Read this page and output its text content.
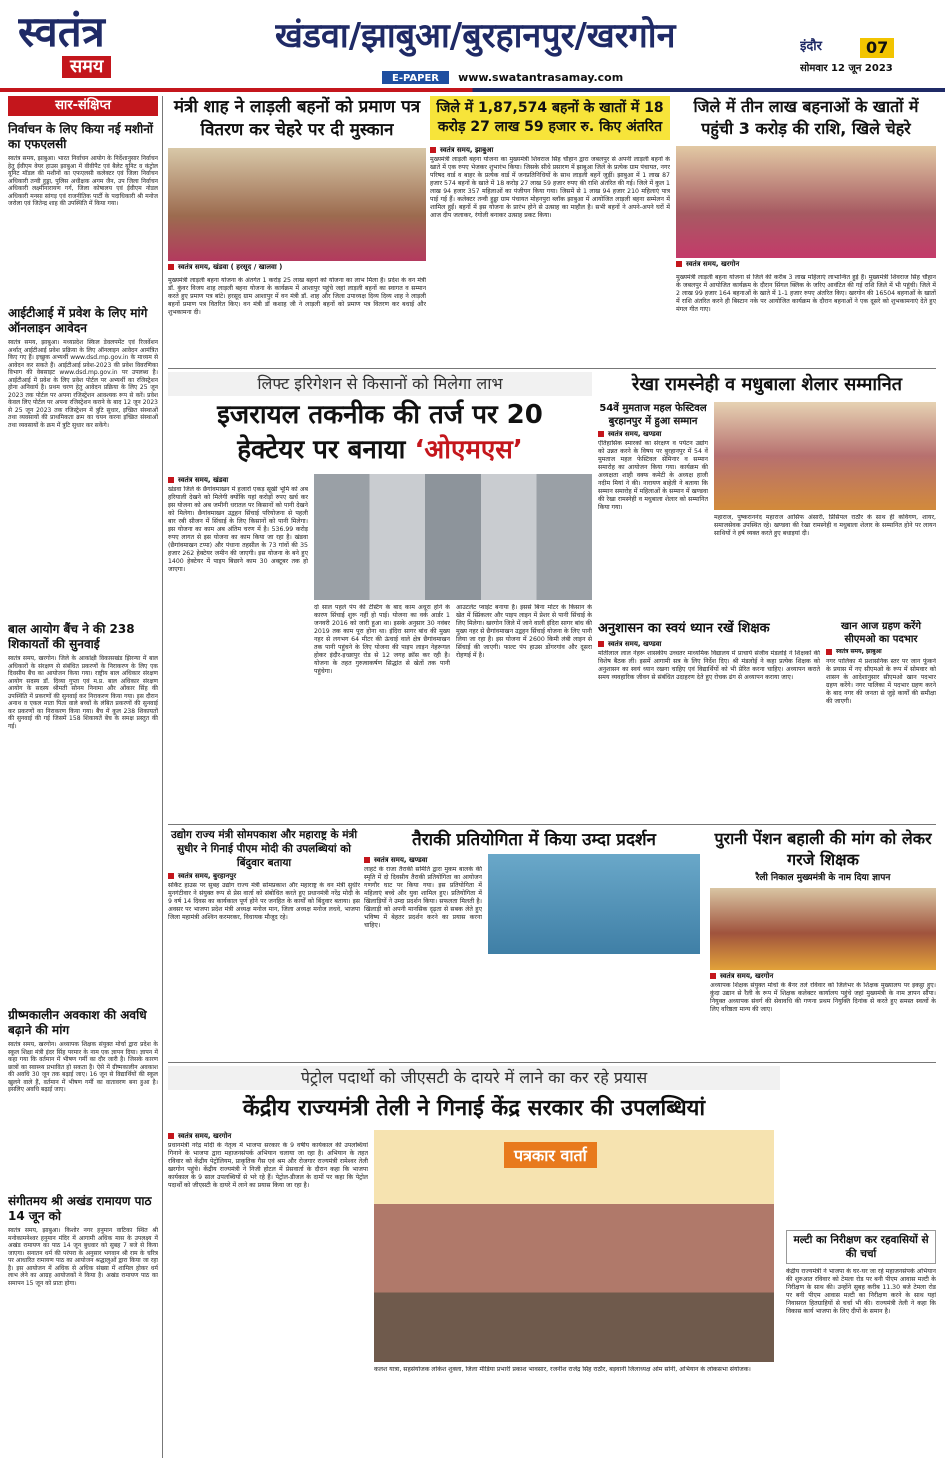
स्वतंत्र
समय
खंडवा/झाबुआ/बुरहानपुर/खरगोन
E-PAPER www.swatantrasamay.com
इंदौर	07
सोमवार 12 जून 2023
सार-संक्षिप्त
निर्वाचन के लिए किया नई मशीनों का एफएलसी
स्वतंत्र समय, झाबुआ। भारत निर्वाचन आयोग के निर्देशानुसार निर्वाचन हेतु ईवीएम वेयर हाउस झाबुआ में वीवीपैट एवं बैलेट यूनिट व कंट्रोल यूनिट मॉडल की मशीनों का एफएलसी कलेक्टर एवं जिला निर्वाचन अधिकारी तन्वी हुड्डा, पुलिस अधीक्षक अगम जैन, उप जिला निर्वाचन अधिकारी लक्ष्मीनारायण गर्ग, जिला कोषालय एवं ईवीएम नोडल अधिकारी मनसा सांगड़ एवं राजनीतिक पार्टी के पदाधिकारी श्री मनोज जरोला एवं जितेन्द्र शाह की उपस्थिति में किया गया।
आईटीआई में प्रवेश के लिए मांगे ऑनलाइन आवेदन
स्वतंत्र समय, झाबुआ। मध्यप्रदेश स्किल डेवलपमेंट एवं रिजर्वेशन अर्थात् आईटीआई प्रवेश प्रक्रिया के लिए ऑनलाइन आवेदन आमंत्रित किए गए हैं। इच्छुक अभ्यर्थी www.dsd.mp.gov.in के माध्यम से आवेदन कर सकते हैं। आईटीआई प्रवेश-2023 की प्रवेश विवरणिका विभाग की वेबसाइट www.dsd.mp.gov.in पर उपलब्ध है। आईटीआई में प्रवेश के लिए प्रवेश पोर्टल पर अभ्यर्थी का रजिस्ट्रेशन होना अनिवार्य है। प्रथम चरण हेतु आवेदन प्रक्रिया के लिए 25 जून 2023 तक पोर्टल पर अपना रजिस्ट्रेशन आवश्यक रूप से करें। प्रवेश केवल लिए पोर्टल पर अपना रजिस्ट्रेशन कराने के बाद 12 जून 2023 से 25 जून 2023 तक रजिस्ट्रेशन में त्रुटि सुधार, इच्छित संस्थाओं तथा व्यवसायों की प्राथमिकता क्रम का चयन करना इच्छित संस्थाओं तथा व्यवसायों के क्रम में त्रुटि सुधार कर सकेंगे।
बाल आयोग बैंच ने की 238 शिकायतों की सुनवाई
स्वतंत्र समय, खरगोन। जिले के आकांक्षी विकासखंड झिरन्या में बाल अधिकारों के संरक्षण से संबंधित प्रकरणों के निराकरण के लिए एक दिवसीय बैंच का आयोजन किया गया। राष्ट्रीय बाल अधिकार संरक्षण आयोग सदस्य डॉ. दिव्या गुप्ता एवं म.प्र. बाल अधिकार संरक्षण आयोग के सदस्य श्रीमती सोनम निनामा और ओंकार सिंह की उपस्थिति में प्रकरणों की सुनवाई कर निराकरण किया गया। इस दौरान अनाथ व एकल माता पिता वाले बच्चों के लंबित प्रकरणों की सुनवाई कर प्रकरणों का निराकरण किया गया। बैंच में कुल 238 शिकायतों की सुनवाई की गई जिसमें 158 शिकायतें बेंच के समक्ष प्रस्तुत की गई।
ग्रीष्मकालीन अवकाश की अवधि बढ़ाने की मांग
स्वतंत्र समय, खरगोन। अध्यापक शिक्षक संयुक्त मोर्चा द्वारा प्रदेश के स्कूल शिक्षा मंत्री इंदर सिंह परमार के नाम एक ज्ञापन दिया। ज्ञापन में कहा गया कि वर्तमान में भीषण गर्मी का दौर जारी है। जिसके कारण छात्रों का स्वास्थ्य प्रभावित हो सकता है। ऐसे में ग्रीष्मकालीन अवकाश की अवधि 30 जून तक बढ़ाई जाए। 16 जून से विद्यार्थियों की स्कूल खुलने वाले हैं, वर्तमान में भीषण गर्मी का वातावरण बना हुआ है। इसलिए अवधि बढ़ाई जाए।
संगीतमय श्री अखंड रामायण पाठ 14 जून को
स्वतंत्र समय, झाबुआ। किशोर नगर हनुमान वाटिका स्थित श्री मनोकामनेश्वर हनुमान मंदिर में आगामी अधिक मास के उपलक्ष्य में अखंड रामायण का पाठ 14 जून बुधवार को सुबह 7 बजे से किया जाएगा। सनातन धर्म की परंपरा के अनुसार भगवान श्री राम के चरित्र पर आधारित रामायण पाठ का आयोजन श्रद्धालुओं द्वारा किया जा रहा है। इस आयोजन में अधिक से अधिक संख्या में शामिल होकर धर्म लाभ लेने का आग्रह आयोजकों ने किया है। अखंड रामायण पाठ का समापन 15 जून को प्रातः होगा।
मंत्री शाह ने लाड़ली बहनों को प्रमाण पत्र वितरण कर चेहरे पर दी मुस्कान
स्वतंत्र समय, खंडवा ( हरसूद / खालवा )
मुख्यमंत्री लाड़ली बहना योजना के अंतर्गत 1 करोड़ 25 लाख बहनों को योजना का लाभ मिला है। प्रदेश के वन मंत्री डॉ. कुंवर विजय शाह लाड़ली बहना योजना के कार्यक्रम में आशापुर पहुंचे जहां लाड़ली बहनों का स्वागत व सम्मान करते हुए प्रमाण पत्र बांटे। हरसूद ग्राम आशापुर में वन मंत्री डॉ. शाह और जिला उपाध्यक्ष दिव्य दिव्य शाह ने लाड़ली बहनों प्रमाण पत्र वितरित किए। वन मंत्री डॉ कशाह जी ने लाड़ली बहनों को प्रमाण पत्र वितरण कर बधाई और शुभकामना दी।
जिले में 1,87,574 बहनों के खातों में 18 करोड़ 27 लाख 59 हजार रु. किए अंतरित
स्वतंत्र समय, झाबुआ
मुख्यमंत्री लाड़ली बहना योजना का मुख्यमंत्री शिवराज सिंह चौहान द्वारा जबलपुर से अपनी लाड़ली बहनों के खाते में एक रुपए भेजकर शुभारंभ किया। जिसके सीधे प्रसारण में झाबुआ जिले के प्रत्येक ग्राम पंचायत, नगर परिषद वार्ड व बाहर के प्रत्येक वार्ड में जनप्रतिनिधियों के साथ लाड़ली बहनें जुड़ीं। झाबुआ में 1 लाख 87 हजार 574 बहनों के खाते में 18 करोड़ 27 लाख 59 हजार रुपए की राशि अंतरित की गई। जिले में कुल 1 लाख 94 हजार 357 महिलाओं का पंजीयन किया गया। जिसमें से 1 लाख 94 हजार 210 महिलाएं पात्र पाई गई हैं। कलेक्टर तन्वी हुड्डा ग्राम पंचायत मोहनपुरा ब्लॉक झाबुआ में आयोजित लाड़ली बहना सम्मेलन में शामिल हुईं। बहनों में इस योजना के प्रारंभ होने से उत्साह का माहौल है। सभी बहनों ने अपने-अपने घरों में आज दीप जलाकर, रंगोली बनाकर उत्साह प्रकट किया।
जिले में तीन लाख बहनाओं के खातों में पहुंची 3 करोड़ की राशि, खिले चेहरे
स्वतंत्र समय, खरगोन
मुख्यमंत्री लाड़ली बहना योजना से जिले की करीब 3 लाख महिलाएं लाभान्वित हुई हैं। मुख्यमंत्री शिवराज सिंह चौहान के जबलपुर में आयोजित कार्यक्रम के दौरान सिंगल क्लिक के जरिए आवंटित की गई राशि जिले में भी पहुंची। जिले में 2 लाख 99 हजार 164 बहनाओं के खाते में 1-1 हजार रुपए अंतरित किए। खरगोन की 16504 बहनाओं के खातों में राशि अंतरित करने ही बिस्टान नके पर आयोजित कार्यक्रम के दौरान बहनाओं ने एक दूसरे को शुभकामनाएं देते हुए मंगल गीत गाए।
लिफ्ट इरिगेशन से किसानों को मिलेगा लाभ
इजरायल तकनीक की तर्ज पर 20
हेक्टेयर पर बनाया ‘ओएमएस’
स्वतंत्र समय, खंडवा
खंडवा जिले के छैगांवमाखन में हजारों एकड़ सूखी भूमि को अब हरियाली देखने को मिलेगी क्योंकि यहां करोड़ों रुपए खर्च कर इस योजना को अब जमीनी धरातल पर किसानों को पानी देखने को मिलेगा। छैगांवमाखन उद्वहन सिंचाई परियोजना से पहली बार रबी सीजन में सिंचाई के लिए किसानों को पानी मिलेगा। इस योजना का काम अब अंतिम चरण में है। 536.99 करोड़ रुपए लागत से इस योजना का काम किया जा रहा है। खंडवा (छैगांवमाखन टप्पा) और पंधाना तहसील के 73 गांवों की 35 हजार 262 हेक्टेयर जमीन की जाएगी। इस योजना के बने हुए 1400 हेक्टेयर में पाइप बिछाने काम 30 अक्टूबर तक हो जाएगा।
दो साल पहले पंप की टेस्टिंग के बाद काम अधूरा होने के कारण सिंचाई शुरू नहीं हो पाई। योजना का वर्क आर्डर 1 जनवरी 2016 को जारी हुआ था। इसके अनुसार 30 नवंबर 2019 तक काम पूरा होना था। इंदिरा सागर बांध की मुख्य नहर से लगभग 64 मीटर की ऊंचाई वाले क्षेत्र छैगांवमाखन तक पानी पहुंचने के लिए योजना की पाइप लाइन नेहरूगल होकर इंदौर-इच्छापुर रोड से 12 जगह क्रॉस कर रही है। योजना के तहत गुरुत्वाकर्षण सिद्धांत से खेतों तक पानी पहुंचेगा।
आउटलेट प्वाइंट बनाया है। इससे बिना मोटर के किसान के खेत में स्प्रिंकलर और पाइप लाइन में प्रेशर से पानी सिंचाई के लिए मिलेगा। खरगोन जिले में जाने वाली इंदिरा सागर बांध की मुख्य नहर से छैगांवमाखन उद्वहन सिंचाई योजना के लिए पानी लिया जा रहा है। इस योजना में 2600 किमी लंबी लाइन से सिंचाई की जाएगी। फाल्ट पंप हाउस डोंगरगांव और दूसरा रोहणई में है।
रेखा रामस्नेही व मधुबाला शेलार सम्मानित
54वें मुमताज महल फेस्टिवल बुरहानपुर में हुआ सम्मान
स्वतंत्र समय, खण्डवा
ऐतिहासिक स्मारकों का संरक्षण व पर्यटन उद्योग को उन्नत करने के विषय पर बुरहानपुर में 54 वें मुमताज महल फेस्टिवल सेमिनार व सम्मान समारोह का आयोजन किया गया। कार्यक्रम की अध्यक्षता शाही वक्फ कमेटी के अध्यक्ष हाजी नदीम मियां ने की। नारायण बाहेती ने बताया कि सम्मान समारोह में महिलाओं के सम्मान में खण्डवा की रेखा रामस्नेही व मधुबाला शेलार को सम्मानित किया गया।
महाराज, पुष्कराननंद महाराज आसिफ अंसारी, प्रिंसिपल राठौर के साथ ही कविगण, शायर, समाजसेवक उपस्थित रहे। खण्डवा की रेखा रामस्नेही व मधुबाला शेलार के सम्मानित होने पर लायन साथियों ने हर्ष व्यक्त करते हुए बधाइयां दी।
अनुशासन का स्वयं ध्यान रखें शिक्षक
स्वतंत्र समय, खण्डवा
मोतीलाल लाल नेहरू शासकीय उच्चतर माध्यमिक विद्यालय में प्राचार्य संजीव मंडलोई ने शिक्षकों की विशेष बैठक ली। इसमें आगामी सत्र के लिए निर्देश दिए। श्री मंडलोई ने कहा प्रत्येक शिक्षक को अनुशासन का स्वयं ध्यान रखना चाहिए एवं विद्यार्थियों को भी प्रेरित करना चाहिए। अध्यापन कराते समय व्यवहारिक जीवन से संबंधित उदाहरण देते हुए रोचक ढंग से अध्यापन कराया जाए।
खान आज ग्रहण करेंगे सीएमओ का पदभार
स्वतंत्र समय, झाबुआ
नगर पालिका में प्रशासनिक स्तर पर जान फूंकने के प्रयास में नए सीएमओ के रूप में सोमवार को शासन के आदेशानुसार सीएमओ खान पदभार ग्रहण करेंगे। नगर पालिका में पदभार ग्रहण करने के बाद नगर की जनता से जुड़े कार्यों की समीक्षा की जाएगी।
उद्योग राज्य मंत्री सोमपकाश और महाराष्ट्र के मंत्री सुधीर ने गिनाई पीएम मोदी की उपलब्धियां को बिंदुवार बताया
स्वतंत्र समय, बुरहानपुर
सर्किट हाउस पर सुबह उद्योग राज्य मंत्री सोमप्रकाश और महाराष्ट्र के वन मंत्री सुधीर मुनगंटीवार ने संयुक्त रूप से प्रेस वार्ता को संबोधित करते हुए प्रधानमंत्री नरेंद्र मोदी के 9 वर्ष 14 दिवस का कार्यकाल पूर्ण होने पर जनहित के कार्यों को बिंदुवार बताया। इस अवसर पर भाजपा प्रदेश मंत्री अध्यक्ष मनोज मान, जिला अध्यक्ष मनोज लधवे, भाजपा जिला महामंत्री अश्विन करमरकर, विधायक मौजूद रहे।
तैराकी प्रतियोगिता में किया उम्दा प्रदर्शन
स्वतंत्र समय, खण्डवा
लाहटे के राजा तैराकी समिति द्वारा मुकम बालके की स्मृति में दो दिवसीय तैराकी प्रतियोगिता का आयोजन गणगौर घाट पर किया गया। इस प्रतियोगिता में महिलाएं बच्चे और युवा शामिल हुए। प्रतियोगिता में खिलाड़ियों ने उम्दा प्रदर्शन किया। सफलता मिलती है। खिलाड़ी को अपनी मानसिक दृढ़ता से सबक लेते हुए भविष्य में बेहतर प्रदर्शन करने का प्रयास करना चाहिए।
पुरानी पेंशन बहाली की मांग को लेकर गरजे शिक्षक
रैली निकाल मुख्यमंत्री के नाम दिया ज्ञापन
स्वतंत्र समय, खरगोन
अध्यापक शिक्षक संयुक्त मोर्चा के बैनर तले रविवार को जिलेभर के शिक्षक मुख्यालय पर इकट्ठा हुए। कुंदा उद्यान से रैली के रूप में शिक्षक कलेक्टर कार्यालय पहुंचे जहां मुख्यमंत्री के नाम ज्ञापन सौंपा। नियुक्त अध्यापक संवर्ग की सेवावधि की गणना प्रथम नियुक्ति दिनांक से करते हुए समस्त स्वत्वों के लिए वरिष्ठता मान्य की जाए।
पेट्रोल पदार्थो को जीएसटी के दायरे में लाने का कर रहे प्रयास
केंद्रीय राज्यमंत्री तेली ने गिनाई केंद्र सरकार की उपलब्धियां
स्वतंत्र समय, खरगोन
प्रधानमंत्री नरेंद्र मोदी के नेतृत्व में भाजपा सरकार के 9 वर्षीय कार्यकाल की उपलब्धियां गिनाने के भाजपा द्वारा महाजनसंपर्क अभियान चलाया जा रहा है। अभियान के तहत रविवार को केंद्रीय पेट्रोलियम, प्राकृतिक गैस एवं श्रम और रोजगार राज्यमंत्री रामेश्वर तेली खरगोन पहुंचे। केंद्रीय राज्यमंत्री ने निजी होटल में प्रेसवार्ता के दौरान कहा कि भाजपा कार्यकाल के 9 साल उपलब्धियों से भरे रहे हैं। पेट्रोल-डीजल के दामों पर कहा कि पेट्रोल पदार्थों को जीएसटी के दायरे में लाने का प्रयास किया जा रहा है।
पत्रकार वार्ता
कलश यात्रा, सहसंयोजक लोकेश शुक्ला, जिला मीडिया प्रभारी प्रकाश भावसार, रजनीश राजेंद्र सिंह राठौर, बड़वानी जिलाध्यक्ष ओम सोनी, अभियान के लोकसभा संयोजक।
मल्टी का निरीक्षण कर रहवासियों से की चर्चा
केंद्रीय राज्यमंत्री ने भाजपा के घर-घर जा रहे महाजनसंपर्क अभियान की शुरुआत रविवार को टेमला रोड पर बनी पीएम आवास मल्टी के निरीक्षण के साथ की। उन्होंने सुबह करीब 11.30 बजे टेमला रोड पर बनी पीएम आवास मल्टी का निरीक्षण करने के साथ यहां निवासरत हितग्राहियों से चर्चा भी की। राज्यमंत्री तेली ने कहा कि विकास कार्य भाजपा के लिए दीपों के समान है।
